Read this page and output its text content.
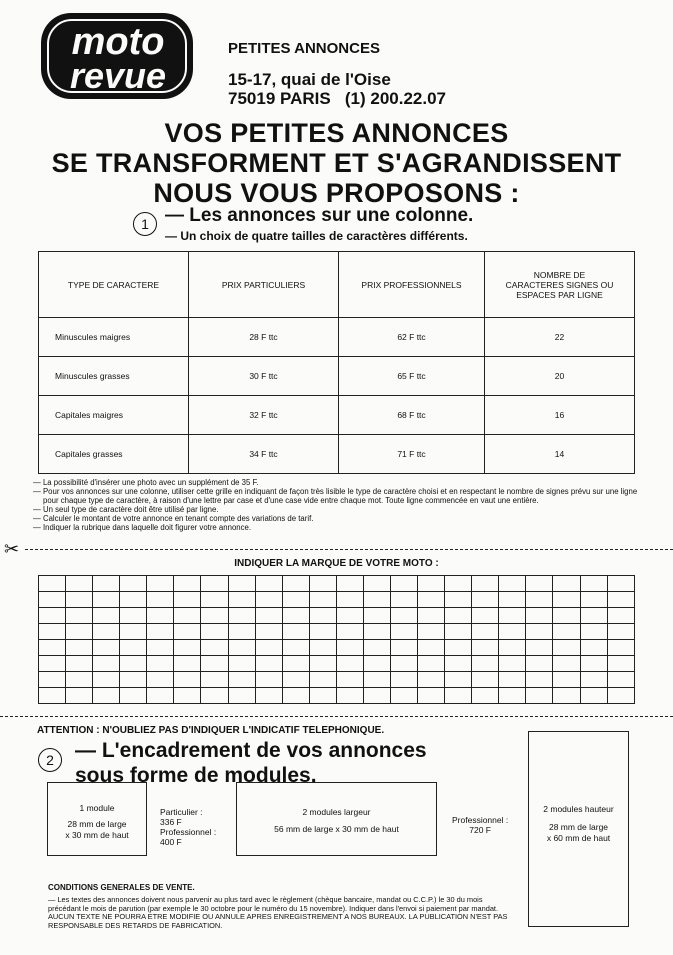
moto
revue
PETITES ANNONCES
15-17, quai de l'Oise
75019 PARIS   (1) 200.22.07
VOS PETITES ANNONCES
SE TRANSFORMENT ET S'AGRANDISSENT
NOUS VOUS PROPOSONS :
1 — Les annonces sur une colonne.
— Un choix de quatre tailles de caractères différents.
TYPE DE CARACTERE	PRIX PARTICULIERS	PRIX PROFESSIONNELS	NOMBRE DE CARACTERES SIGNES OU ESPACES PAR LIGNE
Minuscules maigres	28 F ttc	62 F ttc	22
Minuscules grasses	30 F ttc	65 F ttc	20
Capitales maigres	32 F ttc	68 F ttc	16
Capitales grasses	34 F ttc	71 F ttc	14
— La possibilité d'insérer une photo avec un supplément de 35 F.
— Pour vos annonces sur une colonne, utiliser cette grille en indiquant de façon très lisible le type de caractère choisi et en respectant le nombre de signes prévu sur une ligne pour chaque type de caractère, à raison d'une lettre par case et d'une case vide entre chaque mot. Toute ligne commencée en vaut une entière.
— Un seul type de caractère doit être utilisé par ligne.
— Calculer le montant de votre annonce en tenant compte des variations de tarif.
— Indiquer la rubrique dans laquelle doit figurer votre annonce.
✂
INDIQUER LA MARQUE DE VOTRE MOTO :

ATTENTION : N'OUBLIEZ PAS D'INDIQUER L'INDICATIF TELEPHONIQUE.
2	— L'encadrement de vos annonces
sous forme de modules.
1 module
28 mm de large
x 30 mm de haut
Particulier :
336 F
Professionnel :
400 F
2 modules largeur
56 mm de large x 30 mm de haut
Professionnel :
720 F
2 modules hauteur
28 mm de large
x 60 mm de haut
CONDITIONS GENERALES DE VENTE.
— Les textes des annonces doivent nous parvenir au plus tard avec le règlement (chèque bancaire, mandat ou C.C.P.) le 30 du mois précédant le mois de parution (par exemple le 30 octobre pour le numéro du 15 novembre). Indiquer dans l'envoi si paiement par mandat. AUCUN TEXTE NE POURRA ETRE MODIFIE OU ANNULE APRES ENREGISTREMENT A NOS BUREAUX. LA PUBLICATION N'EST PAS RESPONSABLE DES RETARDS DE FABRICATION.
